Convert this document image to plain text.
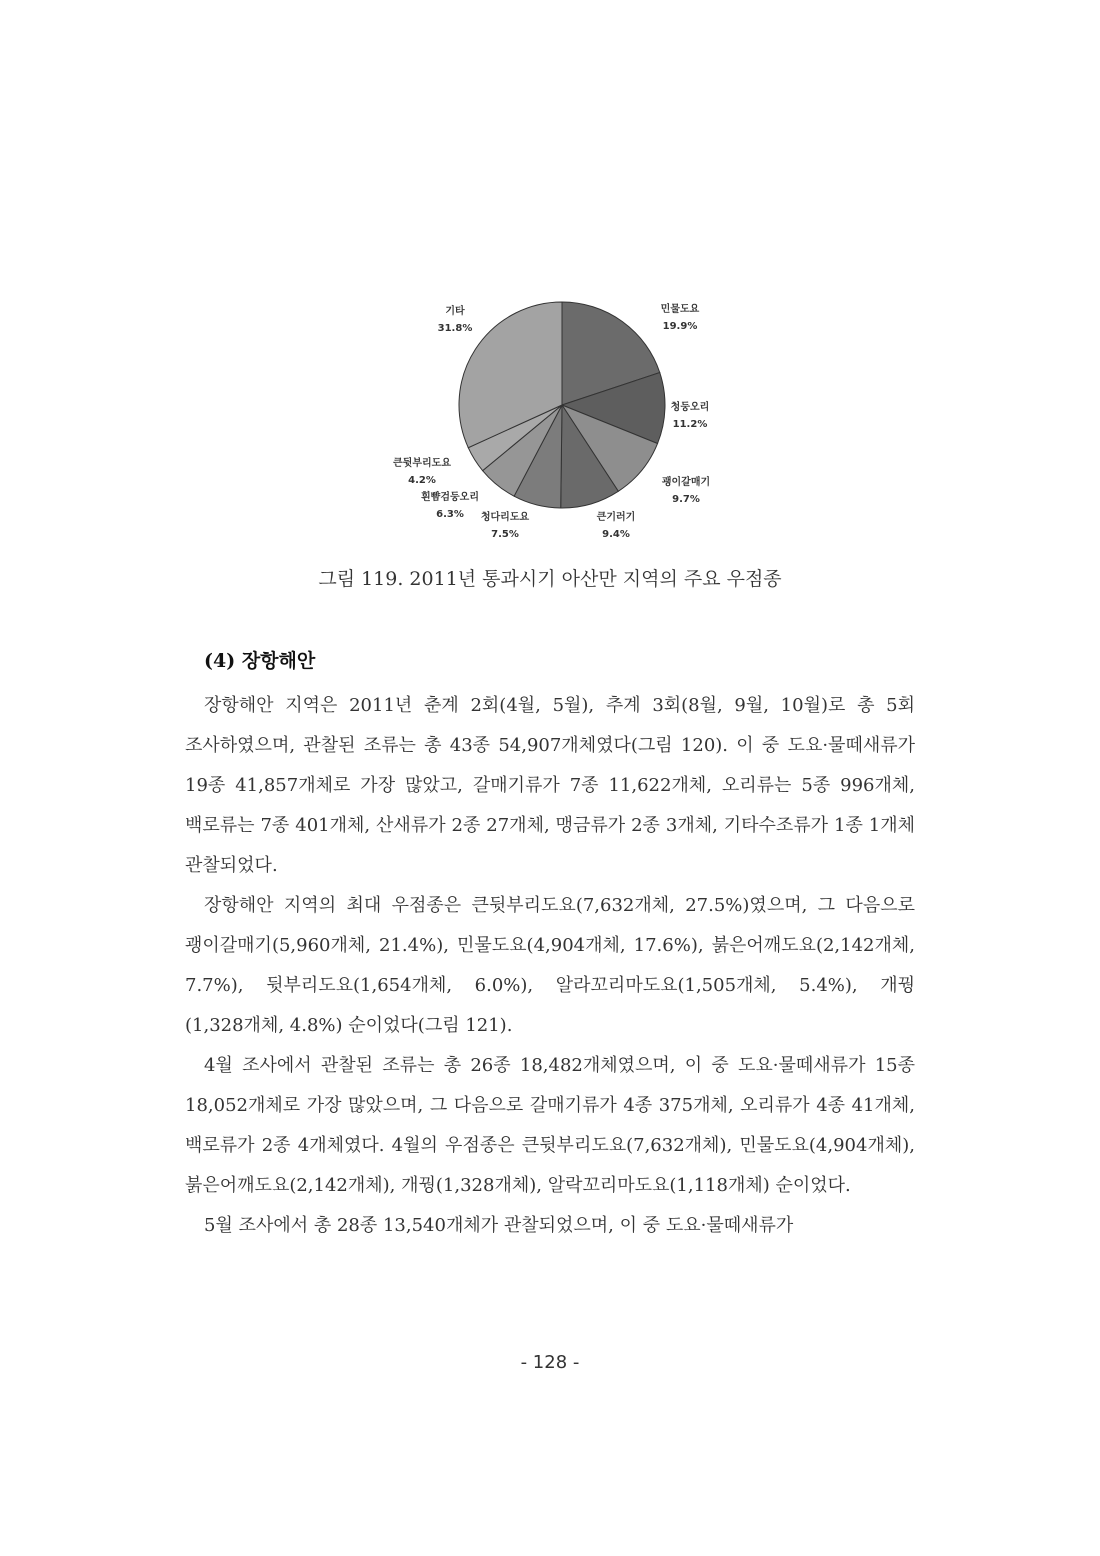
민물도요
19.9%
청둥오리
11.2%
괭이갈매기
9.7%
큰기러기
9.4%
청다리도요
7.5%
흰뺨검둥오리
6.3%
큰뒷부리도요
4.2%
기타
31.8%
그림 119. 2011년 통과시기 아산만 지역의 주요 우점종
(4) 장항해안

장항해안 지역은 2011년 춘계 2회(4월, 5월), 추계 3회(8월, 9월, 10월)로 총 5회 조사하였으며, 관찰된 조류는 총 43종 54,907개체였다(그림 120). 이 중 도요·물떼새류가 19종 41,857개체로 가장 많았고, 갈매기류가 7종 11,622개체, 오리류는 5종 996개체, 백로류는 7종 401개체, 산새류가 2종 27개체, 맹금류가 2종 3개체, 기타수조류가 1종 1개체 관찰되었다.

장항해안 지역의 최대 우점종은 큰뒷부리도요(7,632개체, 27.5%)였으며, 그 다음으로 괭이갈매기(5,960개체, 21.4%), 민물도요(4,904개체, 17.6%), 붉은어깨도요(2,142개체, 7.7%), 뒷부리도요(1,654개체, 6.0%), 알라꼬리마도요(1,505개체, 5.4%), 개꿩(1,328개체, 4.8%) 순이었다(그림 121).

4월 조사에서 관찰된 조류는 총 26종 18,482개체였으며, 이 중 도요·물떼새류가 15종 18,052개체로 가장 많았으며, 그 다음으로 갈매기류가 4종 375개체, 오리류가 4종 41개체, 백로류가 2종 4개체였다. 4월의 우점종은 큰뒷부리도요(7,632개체), 민물도요(4,904개체), 붉은어깨도요(2,142개체), 개꿩(1,328개체), 알락꼬리마도요(1,118개체) 순이었다.

5월 조사에서 총 28종 13,540개체가 관찰되었으며, 이 중 도요·물떼새류가

- 128 -
